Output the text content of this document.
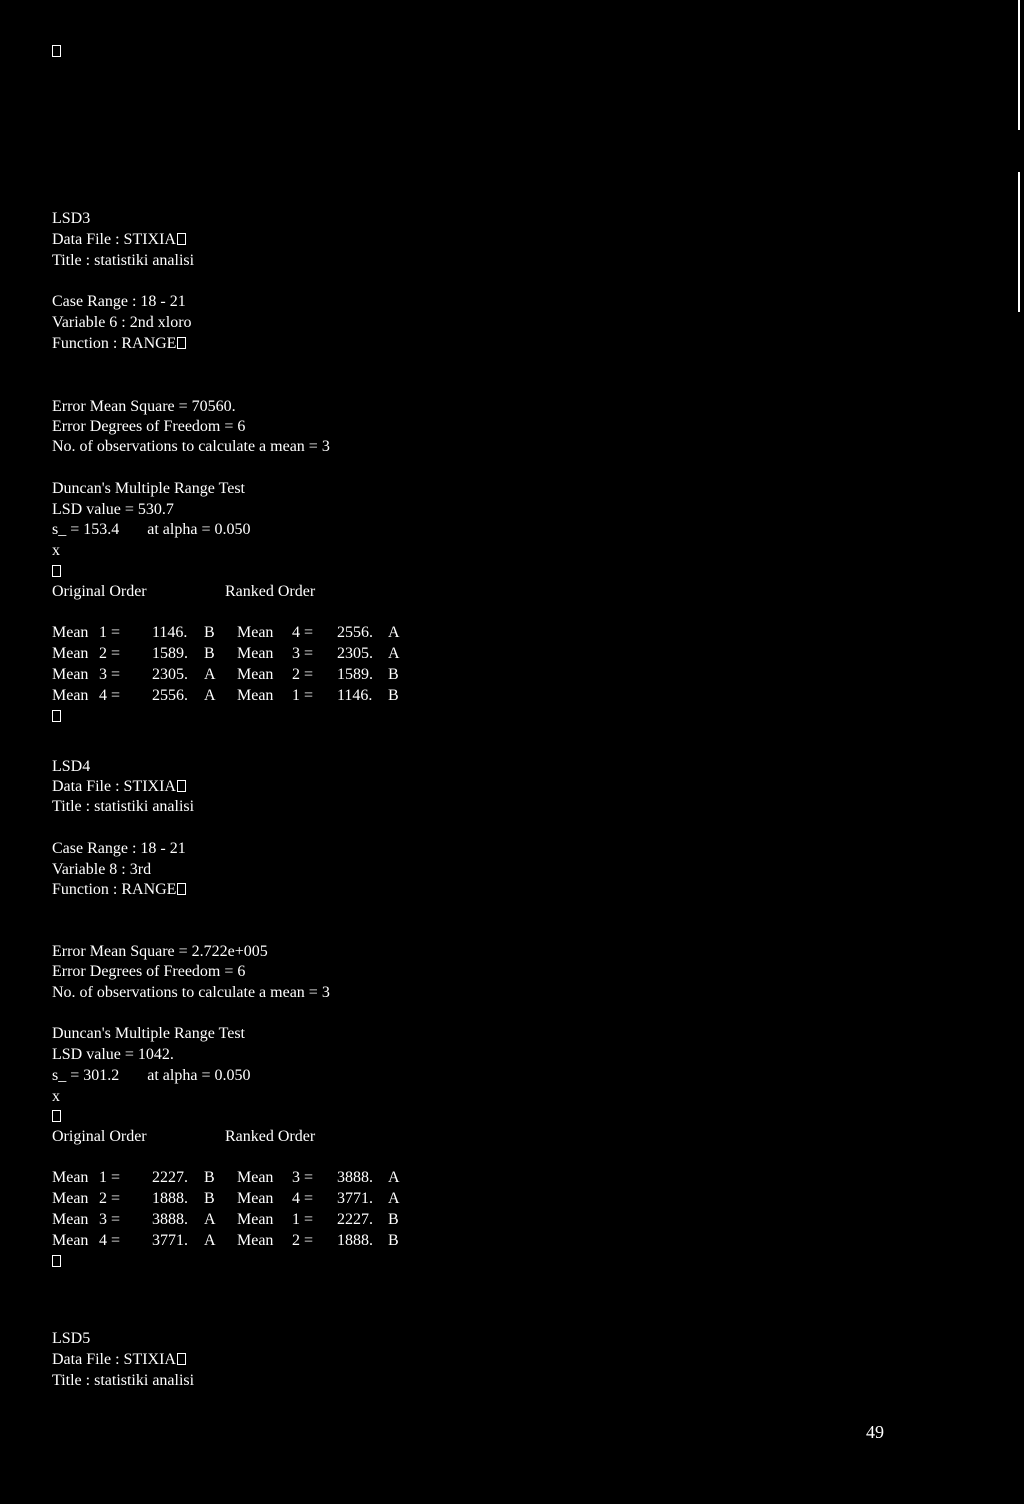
LSD3
Data File : STIXIA
Title : statistiki analisi
Case Range : 18 - 21
Variable 6 : 2nd xloro
Function : RANGE
Error Mean Square = 70560.
Error Degrees of Freedom = 6
No. of observations to calculate a mean = 3
Duncan's Multiple Range Test
LSD value = 530.7
s_ = 153.4       at alpha = 0.050
x
Original Order	Ranked Order
Mean 1 = 1146. B Mean 4 = 2556. A
Mean 2 = 1589. B Mean 3 = 2305. A
Mean 3 = 2305. A Mean 2 = 1589. B
Mean 4 = 2556. A Mean 1 = 1146. B
LSD4
Data File : STIXIA
Title : statistiki analisi
Case Range : 18 - 21
Variable 8 : 3rd
Function : RANGE
Error Mean Square = 2.722e+005
Error Degrees of Freedom = 6
No. of observations to calculate a mean = 3
Duncan's Multiple Range Test
LSD value = 1042.
s_ = 301.2       at alpha = 0.050
x
Original Order	Ranked Order
Mean 1 = 2227. B Mean 3 = 3888. A
Mean 2 = 1888. B Mean 4 = 3771. A
Mean 3 = 3888. A Mean 1 = 2227. B
Mean 4 = 3771. A Mean 2 = 1888. B
LSD5
Data File : STIXIA
Title : statistiki analisi
49
